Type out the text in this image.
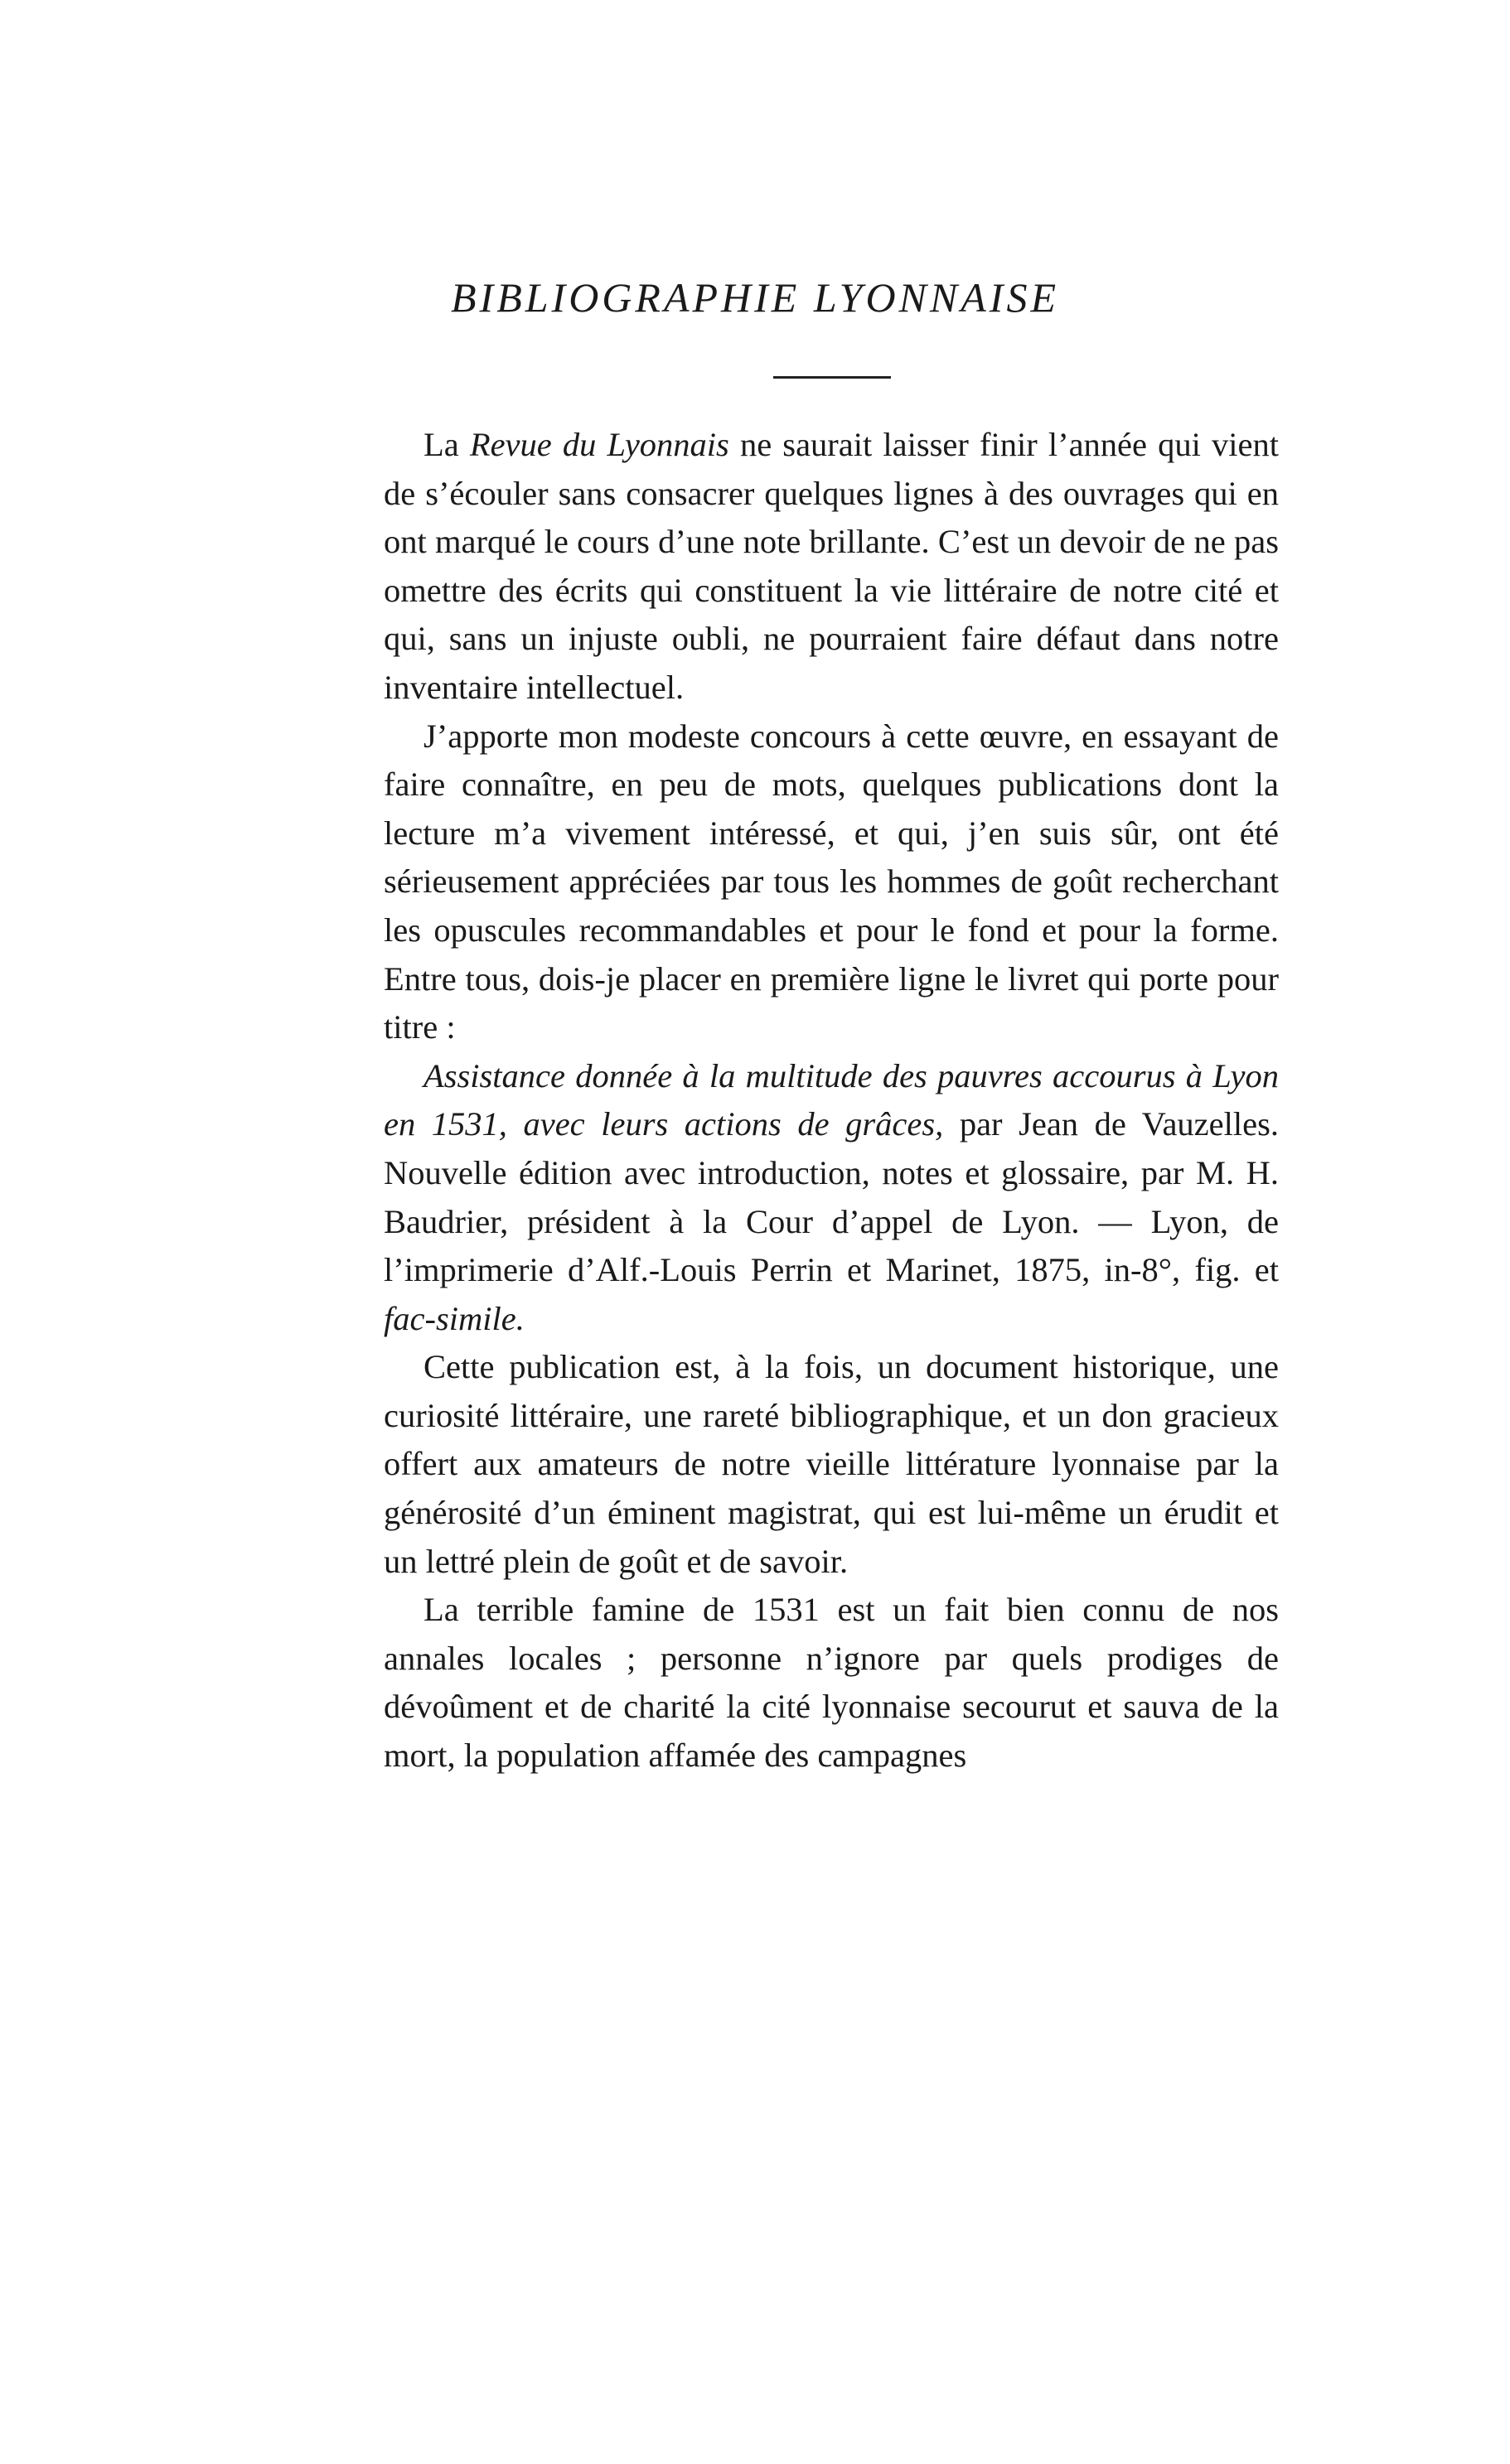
BIBLIOGRAPHIE LYONNAISE

La Revue du Lyonnais ne saurait laisser finir l’année qui vient de s’écouler sans consacrer quelques lignes à des ouvrages qui en ont marqué le cours d’une note brillante. C’est un devoir de ne pas omettre des écrits qui constituent la vie littéraire de notre cité et qui, sans un injuste oubli, ne pourraient faire défaut dans notre inventaire intellectuel.

J’apporte mon modeste concours à cette œuvre, en essayant de faire connaître, en peu de mots, quelques publications dont la lecture m’a vivement intéressé, et qui, j’en suis sûr, ont été sérieusement appréciées par tous les hommes de goût recherchant les opuscules recommandables et pour le fond et pour la forme. Entre tous, dois-je placer en première ligne le livret qui porte pour titre :

Assistance donnée à la multitude des pauvres accourus à Lyon en 1531, avec leurs actions de grâces, par Jean de Vauzelles. Nouvelle édition avec introduction, notes et glossaire, par M. H. Baudrier, président à la Cour d’appel de Lyon. — Lyon, de l’imprimerie d’Alf.-Louis Perrin et Marinet, 1875, in-8°, fig. et fac-simile.

Cette publication est, à la fois, un document historique, une curiosité littéraire, une rareté bibliographique, et un don gracieux offert aux amateurs de notre vieille littérature lyonnaise par la générosité d’un éminent magistrat, qui est lui-même un érudit et un lettré plein de goût et de savoir.

La terrible famine de 1531 est un fait bien connu de nos annales locales ; personne n’ignore par quels prodiges de dévoûment et de charité la cité lyonnaise secourut et sauva de la mort, la population affamée des campagnes
